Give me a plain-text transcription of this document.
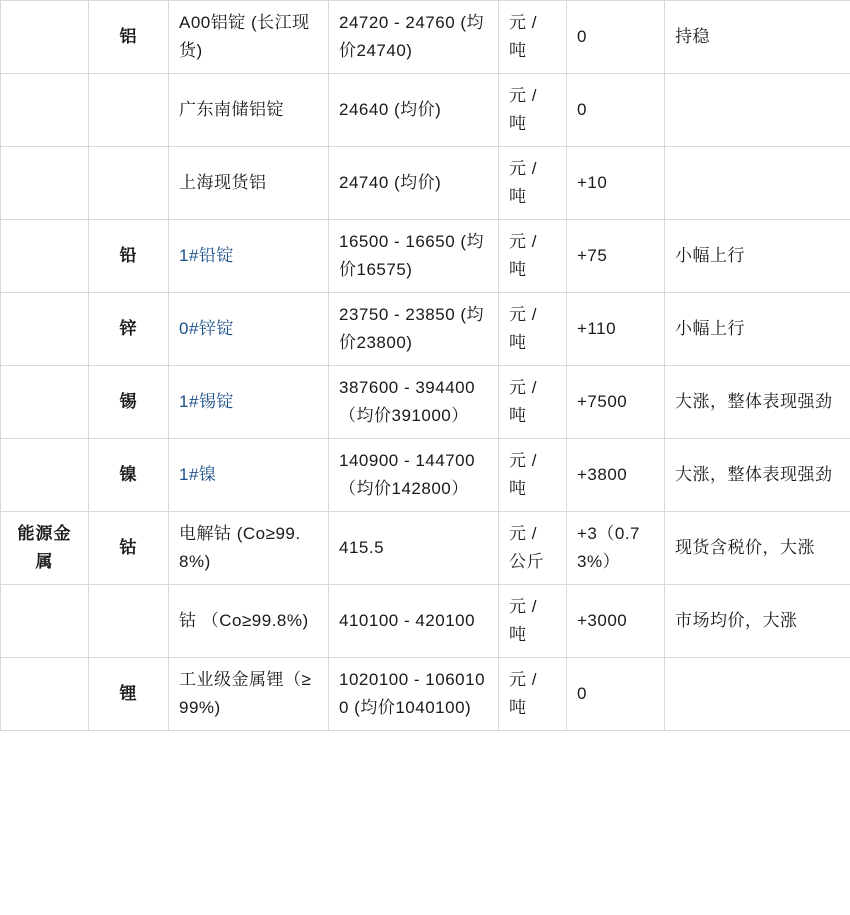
	铝	A00铝锭 (长江现货)	24720 - 24760 (均价24740)	元 / 吨	0	持稳
		广东南储铝锭	24640 (均价)	元 / 吨	0	
		上海现货铝	24740 (均价)	元 / 吨	+10	
	铅	1#铅锭	16500 - 16650 (均价16575)	元 / 吨	+75	小幅上行
	锌	0#锌锭	23750 - 23850 (均价23800)	元 / 吨	+110	小幅上行
	锡	1#锡锭	387600 - 394400（均价391000）	元 / 吨	+7500	大涨，整体表现强劲
	镍	1#镍	140900 - 144700（均价142800）	元 / 吨	+3800	大涨，整体表现强劲
能源金属	钴	电解钴 (Co≥99.8%)	415.5	元 / 公斤	+3（0.73%）	现货含税价，大涨
		钴 （Co≥99.8%)	410100 - 420100	元 / 吨	+3000	市场均价，大涨
	锂	工业级金属锂（≥99%)	1020100 - 1060100 (均价1040100)	元 / 吨	0	
